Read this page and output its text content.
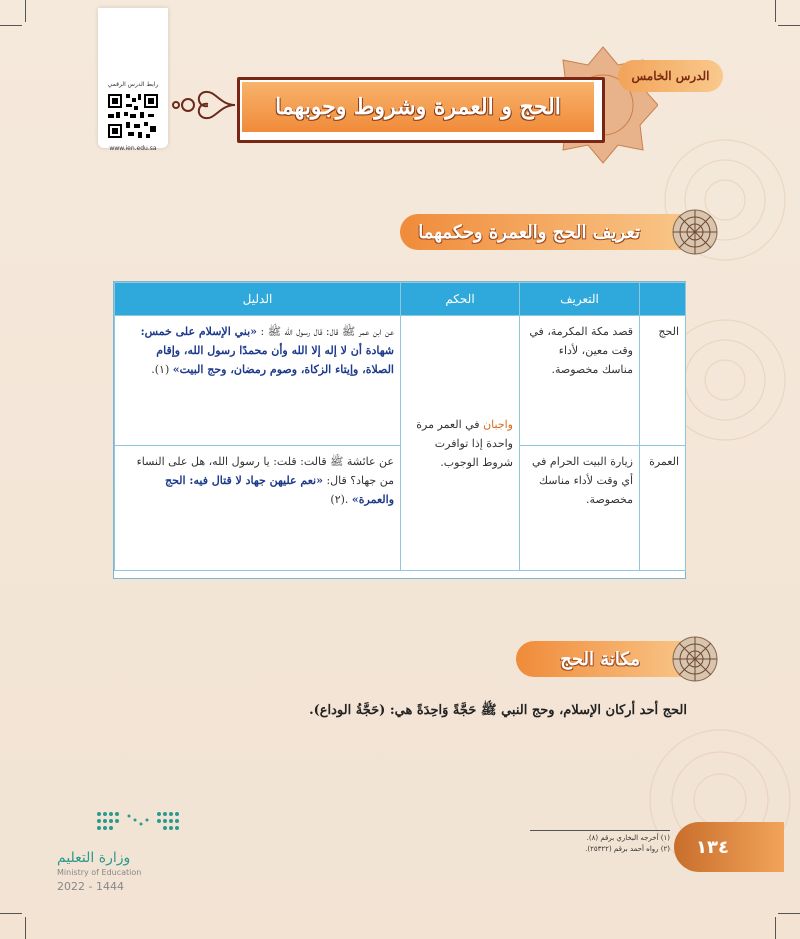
رابط الدرس الرقمي
www.ien.edu.sa
الدرس الخامس
الحج و العمرة وشروط وجوبهما
تعريف الحج والعمرة وحكمهما
	التعريف	الحكم	الدليل
الحج	قصد مكة المكرمة، في وقت معين، لأداء مناسك مخصوصة.	واجبان في العمر مرة واحدة إذا توافرت شروط الوجوب.	عن ابن عمر ﷺ قال: قال رسول الله ﷺ : «بني الإسلام على خمس: شهادة أن لا إله إلا الله وأن محمدًا رسول الله، وإقام الصلاة، وإيتاء الزكاة، وصوم رمضان، وحج البيت» (١).
العمرة	زيارة البيت الحرام في أي وقت لأداء مناسك مخصوصة.		عن عائشة ﷺ قالت: قلت: يا رسول الله، هل على النساء من جهاد؟ قال: «نعم عليهن جهاد لا قتال فيه: الحج والعمرة» .(٢)
مكانة الحج
الحج أحد أركان الإسلام، وحج النبي ﷺ حَجَّةً وَاحِدَةً هي: (حَجَّةُ الوداع).
(١) أخرجه البخاري برقم (٨).
(٢) رواه أحمد برقم (٢٥٣٢٢).	١٣٤
وزارة التعليم
Ministry of Education
2022 - 1444
